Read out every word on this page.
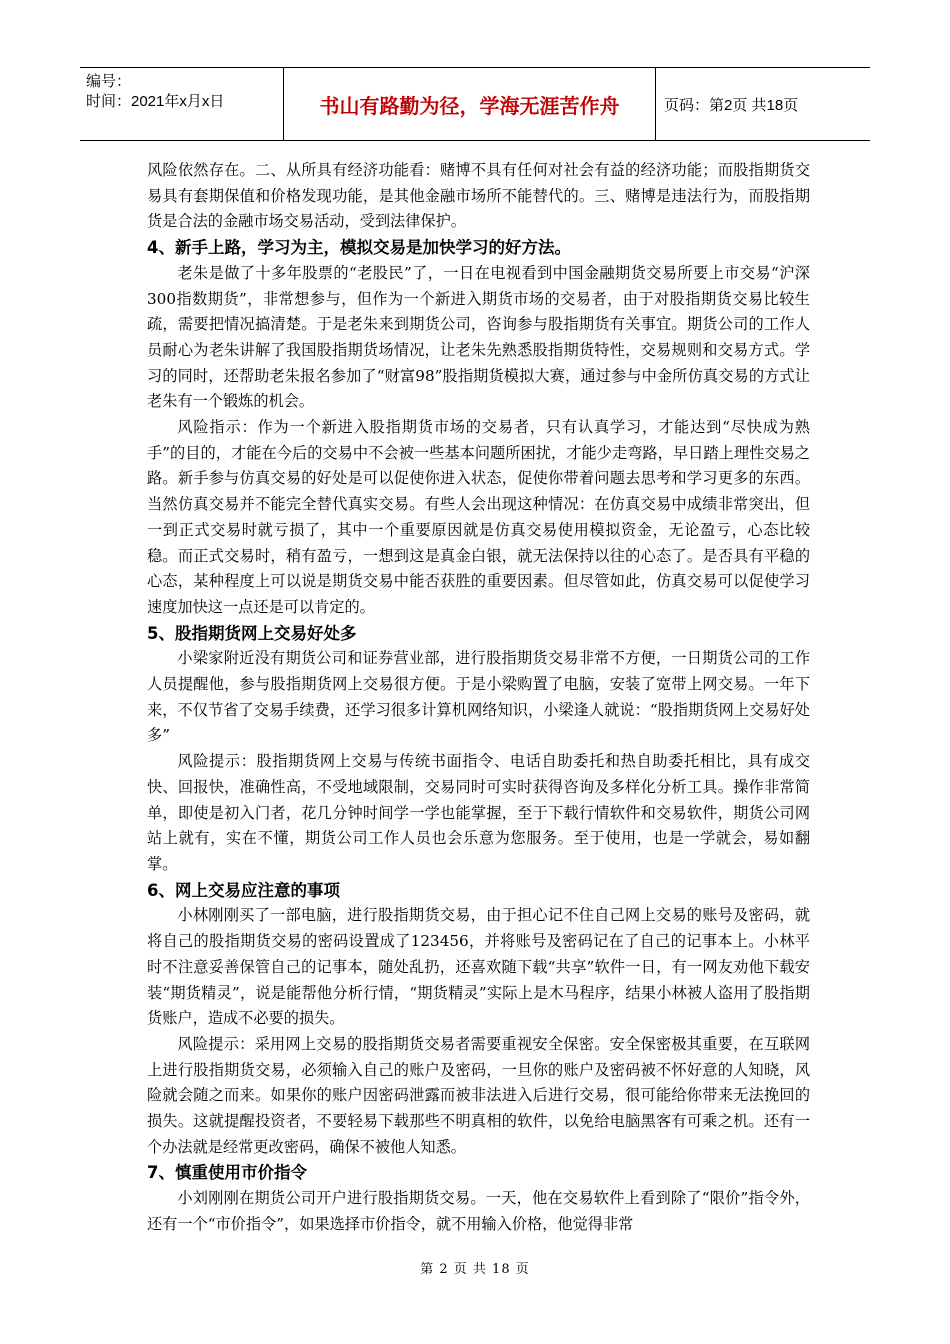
编号：
时间：2021年x月x日	书山有路勤为径，学海无涯苦作舟	页码：第2页 共18页

风险依然存在。二、从所具有经济功能看：赌博不具有任何对社会有益的经济功能；而股指期货交易具有套期保值和价格发现功能，是其他金融市场所不能替代的。三、赌博是违法行为，而股指期货是合法的金融市场交易活动，受到法律保护。

4、新手上路，学习为主，模拟交易是加快学习的好方法。

老朱是做了十多年股票的“老股民”了，一日在电视看到中国金融期货交易所要上市交易“沪深300指数期货”，非常想参与，但作为一个新进入期货市场的交易者，由于对股指期货交易比较生疏，需要把情况搞清楚。于是老朱来到期货公司，咨询参与股指期货有关事宜。期货公司的工作人员耐心为老朱讲解了我国股指期货场情况，让老朱先熟悉股指期货特性，交易规则和交易方式。学习的同时，还帮助老朱报名参加了“财富98”股指期货模拟大赛，通过参与中金所仿真交易的方式让老朱有一个锻炼的机会。

风险指示：作为一个新进入股指期货市场的交易者，只有认真学习，才能达到“尽快成为熟手”的目的，才能在今后的交易中不会被一些基本问题所困扰，才能少走弯路，早日踏上理性交易之路。新手参与仿真交易的好处是可以促使你进入状态，促使你带着问题去思考和学习更多的东西。当然仿真交易并不能完全替代真实交易。有些人会出现这种情况：在仿真交易中成绩非常突出，但一到正式交易时就亏损了，其中一个重要原因就是仿真交易使用模拟资金，无论盈亏，心态比较稳。而正式交易时，稍有盈亏，一想到这是真金白银，就无法保持以往的心态了。是否具有平稳的心态，某种程度上可以说是期货交易中能否获胜的重要因素。但尽管如此，仿真交易可以促使学习速度加快这一点还是可以肯定的。

5、股指期货网上交易好处多

小梁家附近没有期货公司和证券营业部，进行股指期货交易非常不方便，一日期货公司的工作人员提醒他，参与股指期货网上交易很方便。于是小梁购置了电脑，安装了宽带上网交易。一年下来，不仅节省了交易手续费，还学习很多计算机网络知识，小梁逢人就说：“股指期货网上交易好处多”

风险提示：股指期货网上交易与传统书面指令、电话自助委托和热自助委托相比，具有成交快、回报快，准确性高，不受地域限制，交易同时可实时获得咨询及多样化分析工具。操作非常简单，即使是初入门者，花几分钟时间学一学也能掌握，至于下载行情软件和交易软件，期货公司网站上就有，实在不懂，期货公司工作人员也会乐意为您服务。至于使用，也是一学就会，易如翻掌。

6、网上交易应注意的事项

小林刚刚买了一部电脑，进行股指期货交易，由于担心记不住自己网上交易的账号及密码，就将自己的股指期货交易的密码设置成了123456，并将账号及密码记在了自己的记事本上。小林平时不注意妥善保管自己的记事本，随处乱扔，还喜欢随下载“共享”软件一日，有一网友劝他下载安装“期货精灵”，说是能帮他分析行情，“期货精灵”实际上是木马程序，结果小林被人盗用了股指期货账户，造成不必要的损失。

风险提示：采用网上交易的股指期货交易者需要重视安全保密。安全保密极其重要，在互联网上进行股指期货交易，必须输入自己的账户及密码，一旦你的账户及密码被不怀好意的人知晓，风险就会随之而来。如果你的账户因密码泄露而被非法进入后进行交易，很可能给你带来无法挽回的损失。这就提醒投资者，不要轻易下载那些不明真相的软件，以免给电脑黑客有可乘之机。还有一个办法就是经常更改密码，确保不被他人知悉。

7、慎重使用市价指令

小刘刚刚在期货公司开户进行股指期货交易。一天，他在交易软件上看到除了“限价”指令外，还有一个“市价指令”，如果选择市价指令，就不用输入价格，他觉得非常

第 2 页 共 18 页
